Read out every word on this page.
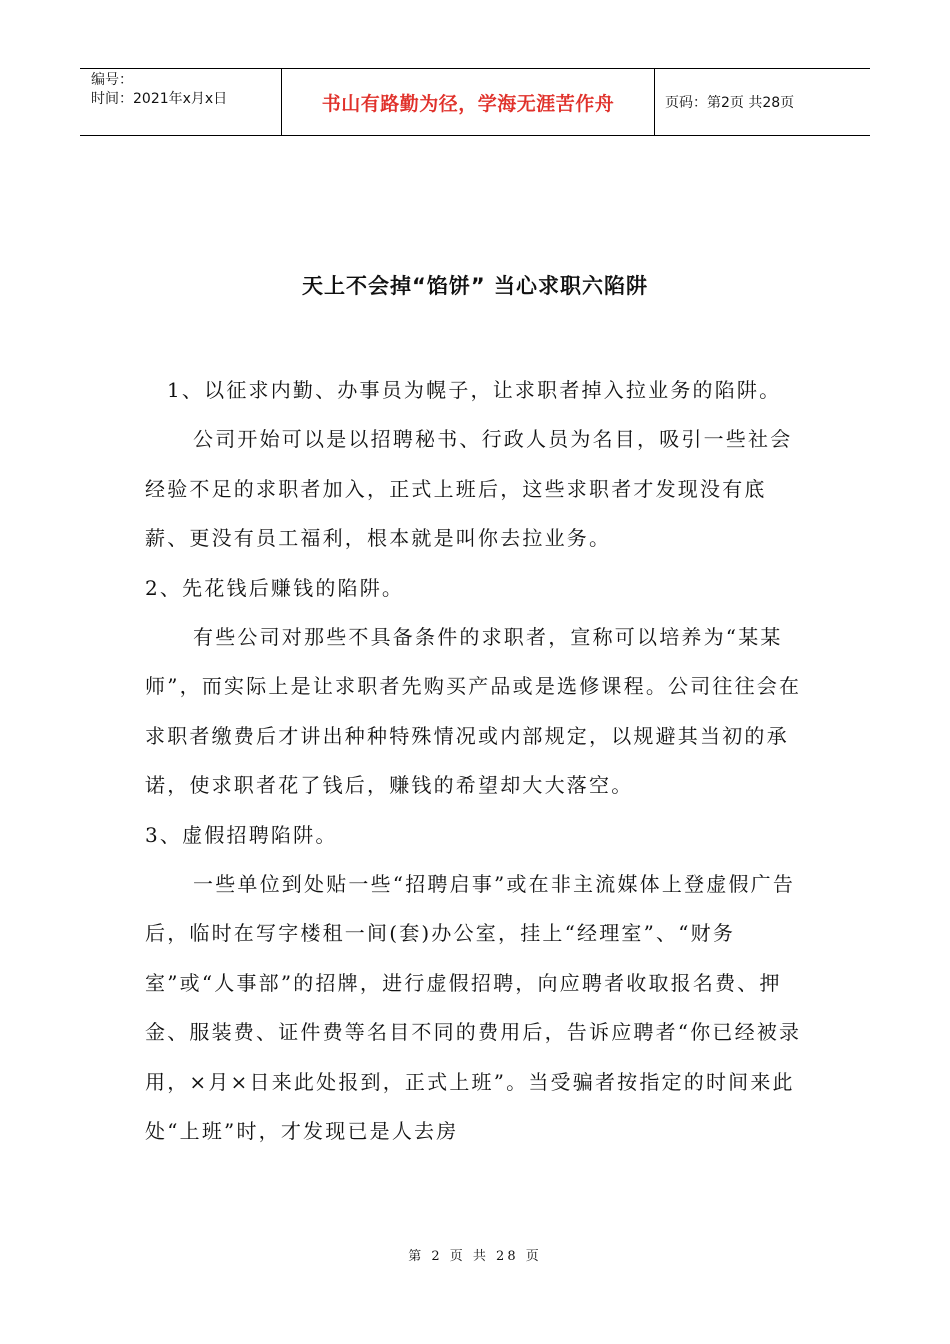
编号：
时间：2021年x月x日	书山有路勤为径，学海无涯苦作舟	页码：第2页 共28页
天上不会掉“馅饼” 当心求职六陷阱

1、以征求内勤、办事员为幌子，让求职者掉入拉业务的陷阱。

公司开始可以是以招聘秘书、行政人员为名目，吸引一些社会经验不足的求职者加入，正式上班后，这些求职者才发现没有底薪、更没有员工福利，根本就是叫你去拉业务。

2、先花钱后赚钱的陷阱。

有些公司对那些不具备条件的求职者，宣称可以培养为“某某师”，而实际上是让求职者先购买产品或是选修课程。公司往往会在求职者缴费后才讲出种种特殊情况或内部规定，以规避其当初的承诺，使求职者花了钱后，赚钱的希望却大大落空。

3、虚假招聘陷阱。

一些单位到处贴一些“招聘启事”或在非主流媒体上登虚假广告后，临时在写字楼租一间(套)办公室，挂上“经理室”、“财务室”或“人事部”的招牌，进行虚假招聘，向应聘者收取报名费、押金、服装费、证件费等名目不同的费用后，告诉应聘者“你已经被录用，×月×日来此处报到，正式上班”。当受骗者按指定的时间来此处“上班”时，才发现已是人去房

第 2 页 共 28 页
